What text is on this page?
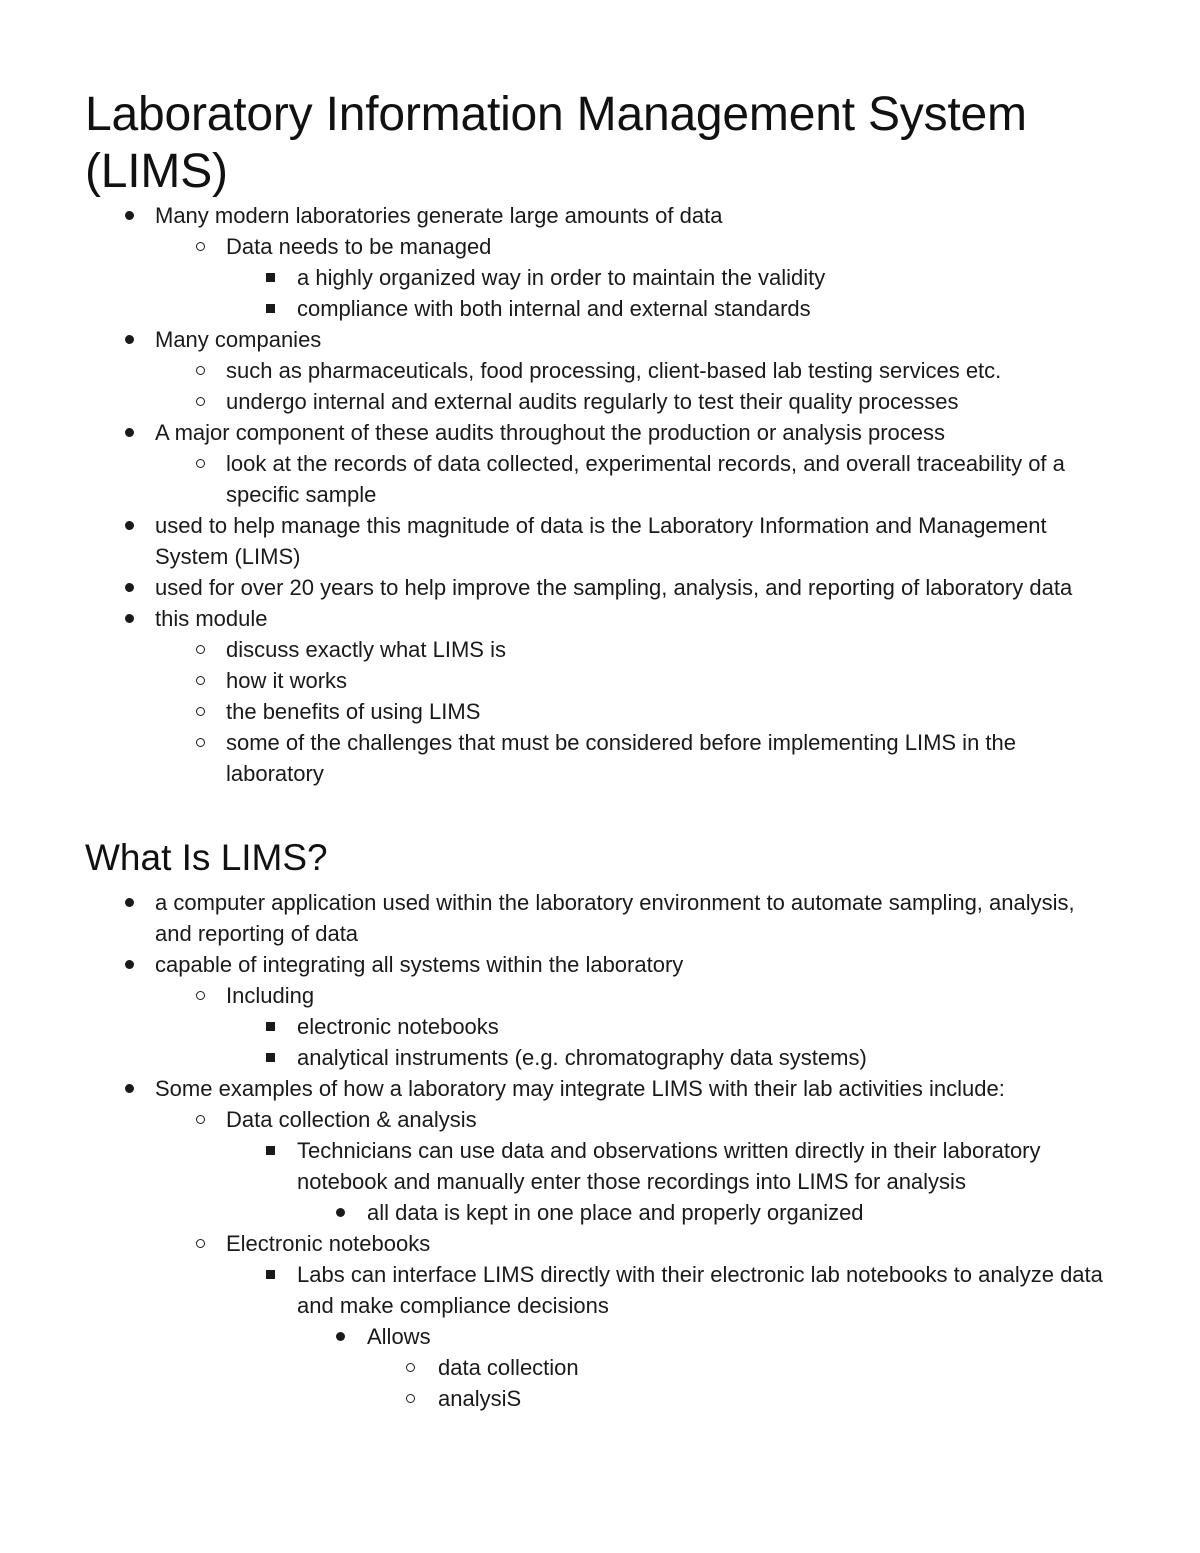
Laboratory Information Management System (LIMS)
Many modern laboratories generate large amounts of data
Data needs to be managed
a highly organized way in order to maintain the validity
compliance with both internal and external standards
Many companies
such as pharmaceuticals, food processing, client-based lab testing services etc.
undergo internal and external audits regularly to test their quality processes
A major component of these audits throughout the production or analysis process
look at the records of data collected, experimental records, and overall traceability of a specific sample
used to help manage this magnitude of data is the Laboratory Information and Management System (LIMS)
used for over 20 years to help improve the sampling, analysis, and reporting of laboratory data
this module
discuss exactly what LIMS is
how it works
the benefits of using LIMS
some of the challenges that must be considered before implementing LIMS in the laboratory
What Is LIMS?
a computer application used within the laboratory environment to automate sampling, analysis, and reporting of data
capable of integrating all systems within the laboratory
Including
electronic notebooks
analytical instruments (e.g. chromatography data systems)
Some examples of how a laboratory may integrate LIMS with their lab activities include:
Data collection & analysis
Technicians can use data and observations written directly in their laboratory notebook and manually enter those recordings into LIMS for analysis
all data is kept in one place and properly organized
Electronic notebooks
Labs can interface LIMS directly with their electronic lab notebooks to analyze data and make compliance decisions
Allows
data collection
analysiS
